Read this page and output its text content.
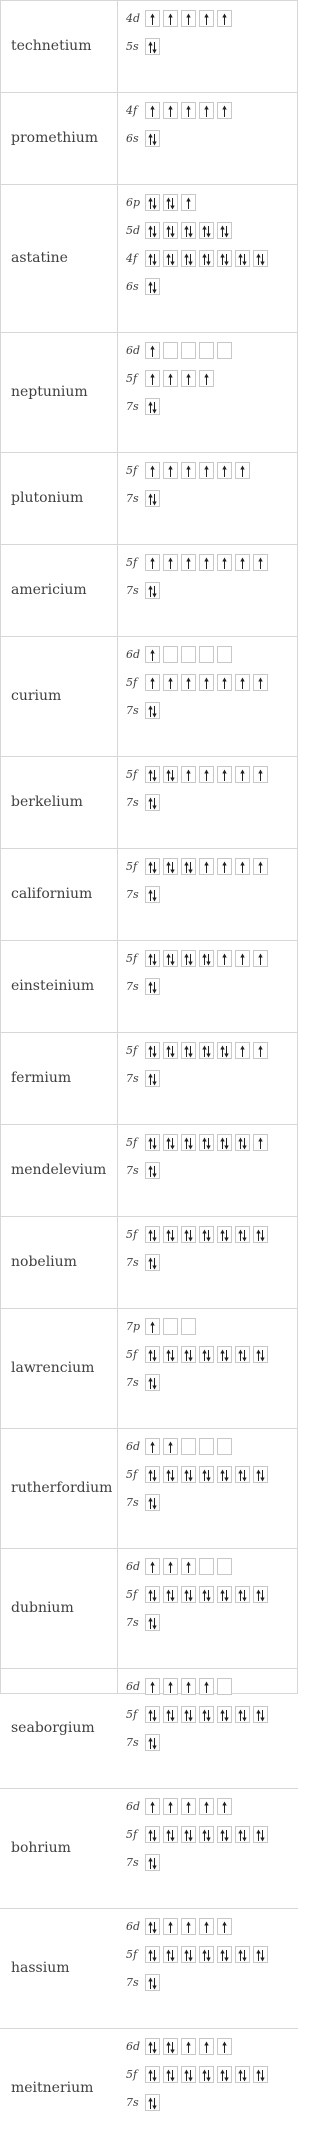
technetium
4d
5s
promethium
4f
6s
astatine
6p
5d
4f
6s
neptunium
6d
5f
7s
plutonium
5f
7s
americium
5f
7s
curium
6d
5f
7s
berkelium
5f
7s
californium
5f
7s
einsteinium
5f
7s
fermium
5f
7s
mendelevium
5f
7s
nobelium
5f
7s
lawrencium
7p
5f
7s
rutherfordium
6d
5f
7s
dubnium
6d
5f
7s
seaborgium
6d
5f
7s
bohrium
6d
5f
7s
hassium
6d
5f
7s
meitnerium
6d
5f
7s
